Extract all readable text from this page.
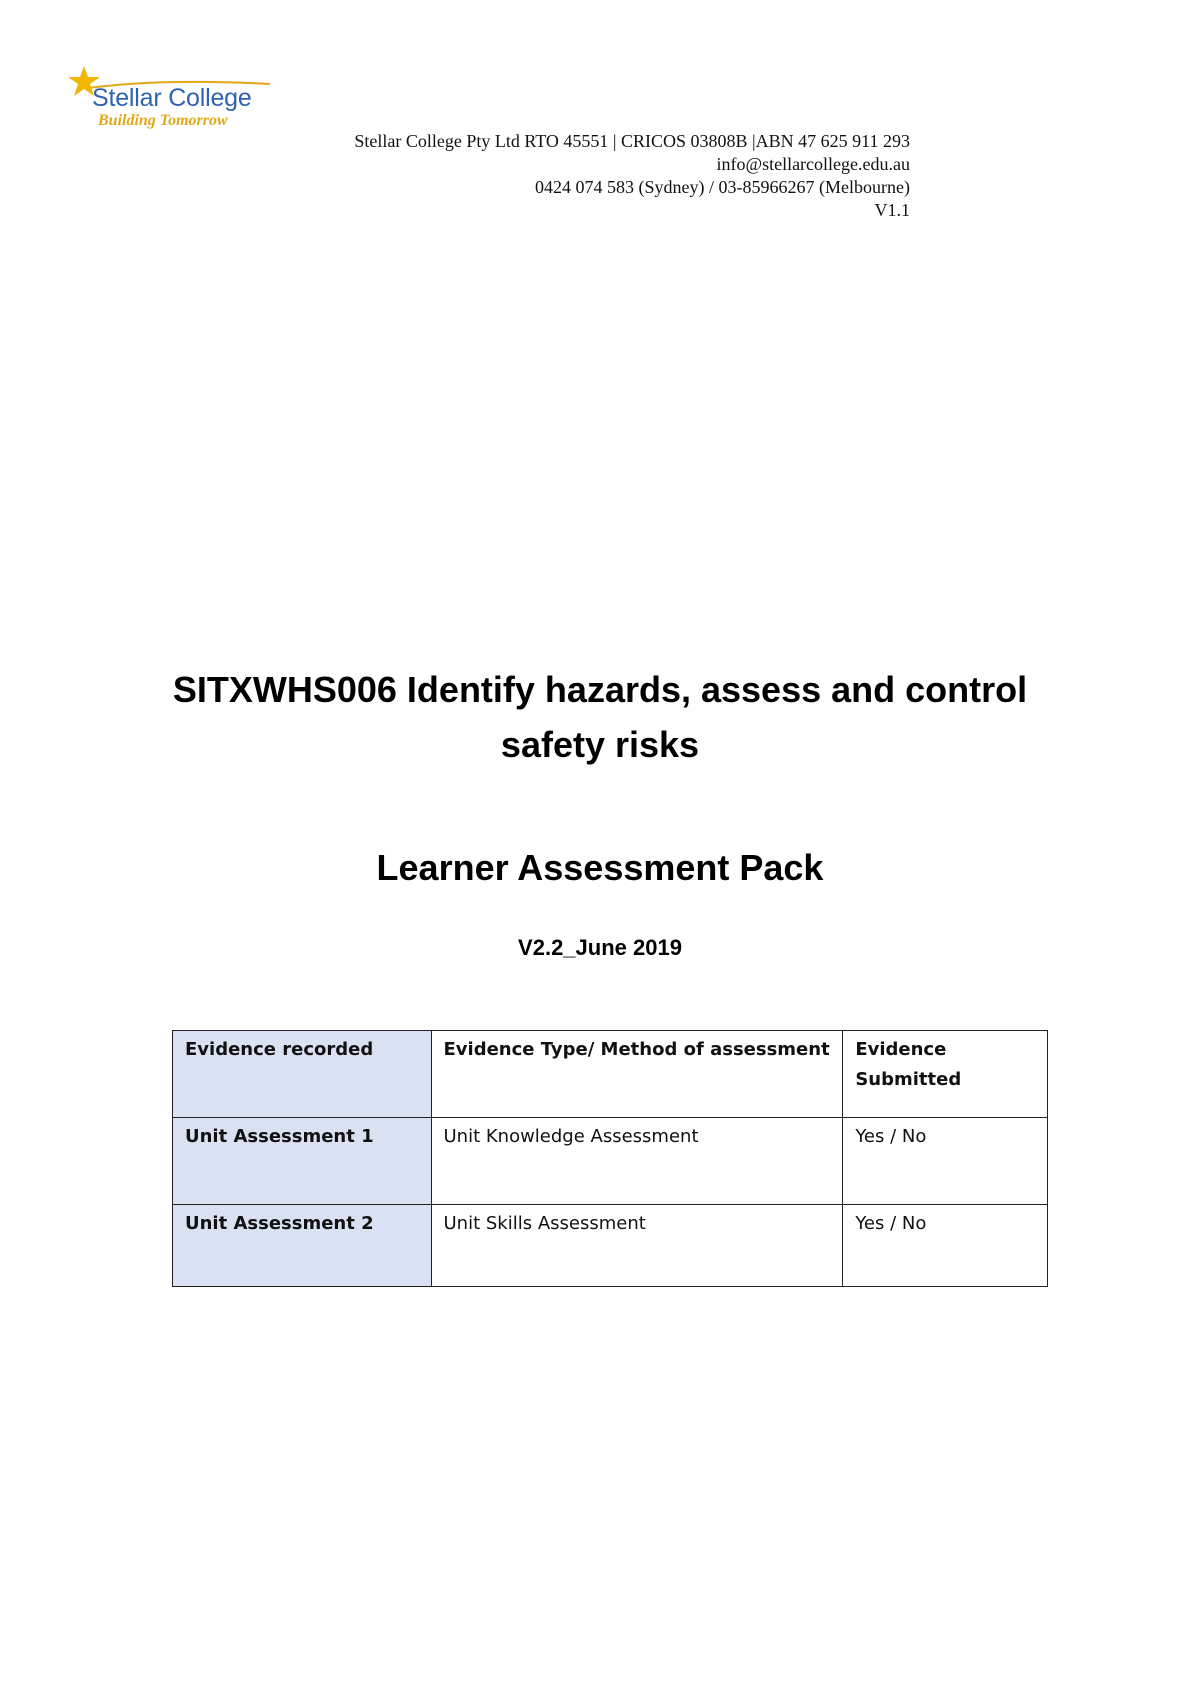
Stellar College
Building Tomorrow
Stellar College Pty Ltd RTO 45551 | CRICOS 03808B |ABN 47 625 911 293
info@stellarcollege.edu.au
0424 074 583 (Sydney) / 03-85966267 (Melbourne)
V1.1
SITXWHS006 Identify hazards, assess and control
safety risks
Learner Assessment Pack
V2.2_June 2019
Evidence recorded	Evidence Type/ Method of assessment	Evidence Submitted
Unit Assessment 1	Unit Knowledge Assessment	Yes / No
Unit Assessment 2	Unit Skills Assessment	Yes / No
